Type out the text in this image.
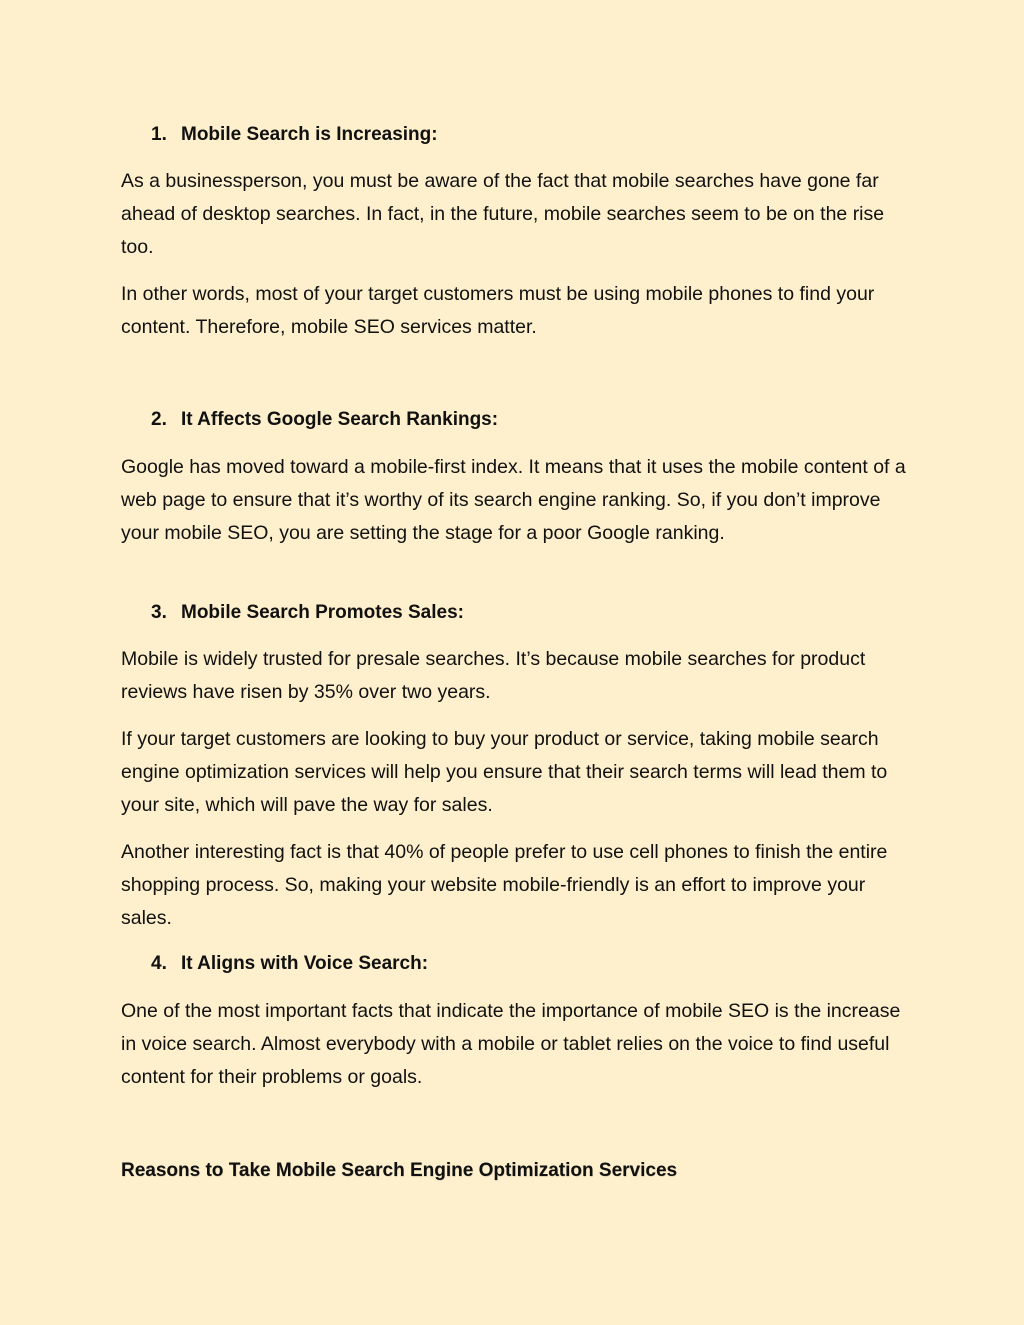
1. Mobile Search is Increasing:

As a businessperson, you must be aware of the fact that mobile searches have gone far ahead of desktop searches. In fact, in the future, mobile searches seem to be on the rise too.

In other words, most of your target customers must be using mobile phones to find your content. Therefore, mobile SEO services matter.

2. It Affects Google Search Rankings:

Google has moved toward a mobile-first index. It means that it uses the mobile content of a web page to ensure that it’s worthy of its search engine ranking. So, if you don’t improve your mobile SEO, you are setting the stage for a poor Google ranking.

3. Mobile Search Promotes Sales:

Mobile is widely trusted for presale searches. It’s because mobile searches for product reviews have risen by 35% over two years.

If your target customers are looking to buy your product or service, taking mobile search engine optimization services will help you ensure that their search terms will lead them to your site, which will pave the way for sales.

Another interesting fact is that 40% of people prefer to use cell phones to finish the entire shopping process. So, making your website mobile-friendly is an effort to improve your sales.

4. It Aligns with Voice Search:

One of the most important facts that indicate the importance of mobile SEO is the increase in voice search. Almost everybody with a mobile or tablet relies on the voice to find useful content for their problems or goals.

Reasons to Take Mobile Search Engine Optimization Services
